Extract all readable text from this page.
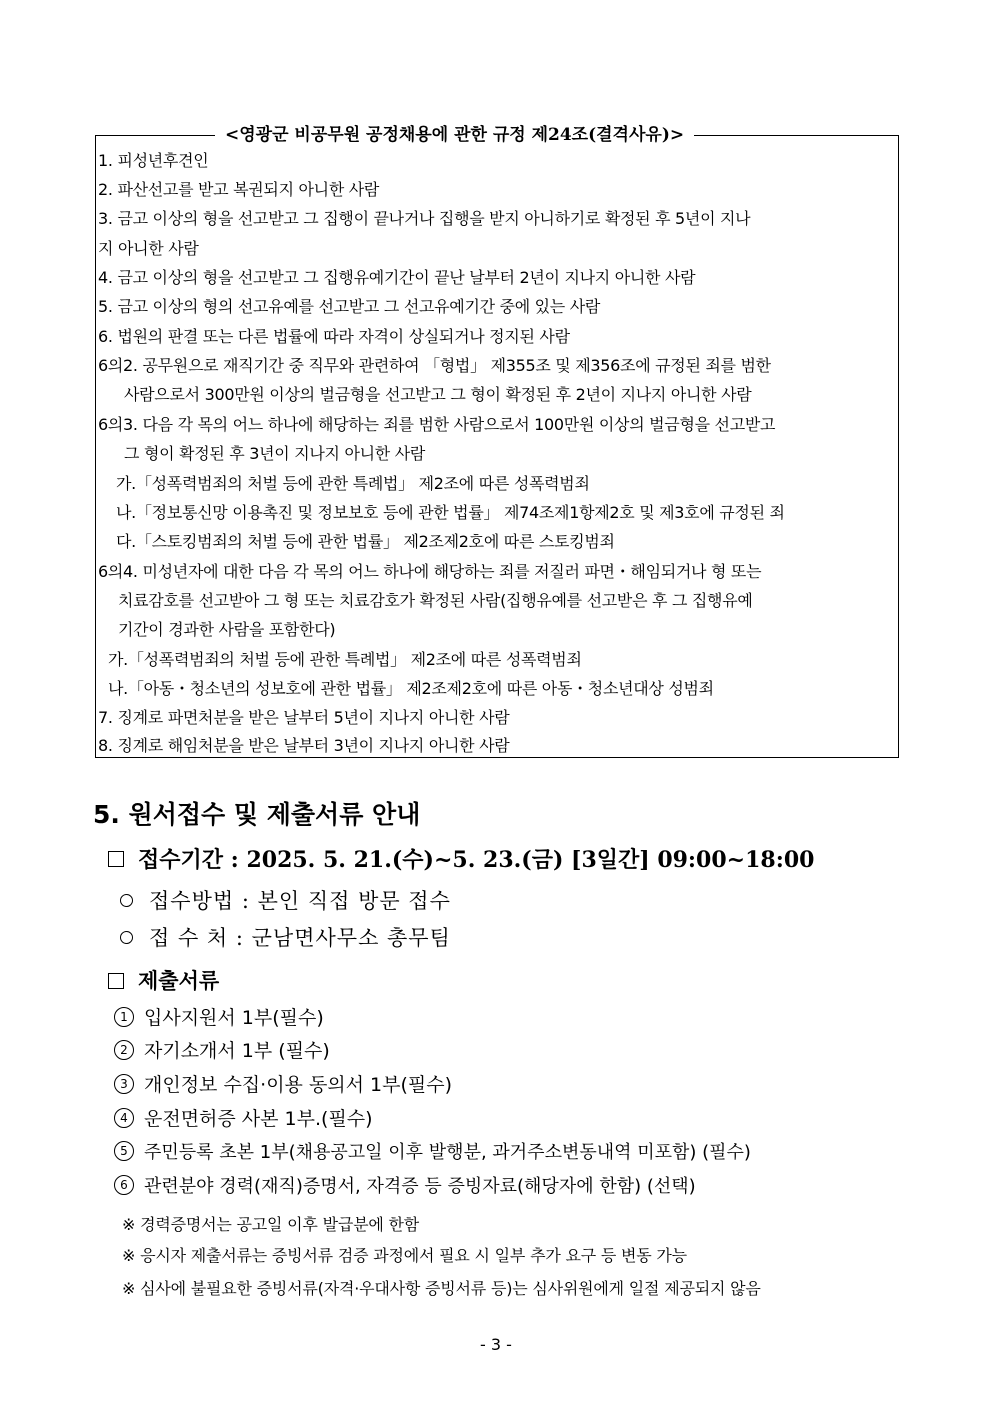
<영광군 비공무원 공정채용에 관한 규정 제24조(결격사유)>
1. 피성년후견인
2. 파산선고를 받고 복권되지 아니한 사람
3. 금고 이상의 형을 선고받고 그 집행이 끝나거나 집행을 받지 아니하기로 확정된 후 5년이 지나
지 아니한 사람
4. 금고 이상의 형을 선고받고 그 집행유예기간이 끝난 날부터 2년이 지나지 아니한 사람
5. 금고 이상의 형의 선고유예를 선고받고 그 선고유예기간 중에 있는 사람
6. 법원의 판결 또는 다른 법률에 따라 자격이 상실되거나 정지된 사람
6의2. 공무원으로 재직기간 중 직무와 관련하여 「형법」 제355조 및 제356조에 규정된 죄를 범한
사람으로서 300만원 이상의 벌금형을 선고받고 그 형이 확정된 후 2년이 지나지 아니한 사람
6의3. 다음 각 목의 어느 하나에 해당하는 죄를 범한 사람으로서 100만원 이상의 벌금형을 선고받고
그 형이 확정된 후 3년이 지나지 아니한 사람
가.「성폭력범죄의 처벌 등에 관한 특례법」 제2조에 따른 성폭력범죄
나.「정보통신망 이용촉진 및 정보보호 등에 관한 법률」 제74조제1항제2호 및 제3호에 규정된 죄
다.「스토킹범죄의 처벌 등에 관한 법률」 제2조제2호에 따른 스토킹범죄
6의4. 미성년자에 대한 다음 각 목의 어느 하나에 해당하는 죄를 저질러 파면・해임되거나 형 또는
치료감호를 선고받아 그 형 또는 치료감호가 확정된 사람(집행유예를 선고받은 후 그 집행유예
기간이 경과한 사람을 포함한다)
가.「성폭력범죄의 처벌 등에 관한 특례법」 제2조에 따른 성폭력범죄
나.「아동・청소년의 성보호에 관한 법률」 제2조제2호에 따른 아동・청소년대상 성범죄
7. 징계로 파면처분을 받은 날부터 5년이 지나지 아니한 사람
8. 징계로 해임처분을 받은 날부터 3년이 지나지 아니한 사람
5. 원서접수 및 제출서류 안내
접수기간 : 2025. 5. 21.(수)~5. 23.(금) [3일간] 09:00~18:00
접수방법 : 본인 직접 방문 접수
접 수 처 : 군남면사무소 총무팀
제출서류
1 입사지원서 1부(필수)
2 자기소개서 1부 (필수)
3 개인정보 수집·이용 동의서 1부(필수)
4 운전면허증 사본 1부.(필수)
5 주민등록 초본 1부(채용공고일 이후 발행분, 과거주소변동내역 미포함) (필수)
6 관련분야 경력(재직)증명서, 자격증 등 증빙자료(해당자에 한함) (선택)
※ 경력증명서는 공고일 이후 발급분에 한함
※ 응시자 제출서류는 증빙서류 검증 과정에서 필요 시 일부 추가 요구 등 변동 가능
※ 심사에 불필요한 증빙서류(자격·우대사항 증빙서류 등)는 심사위원에게 일절 제공되지 않음
- 3 -
